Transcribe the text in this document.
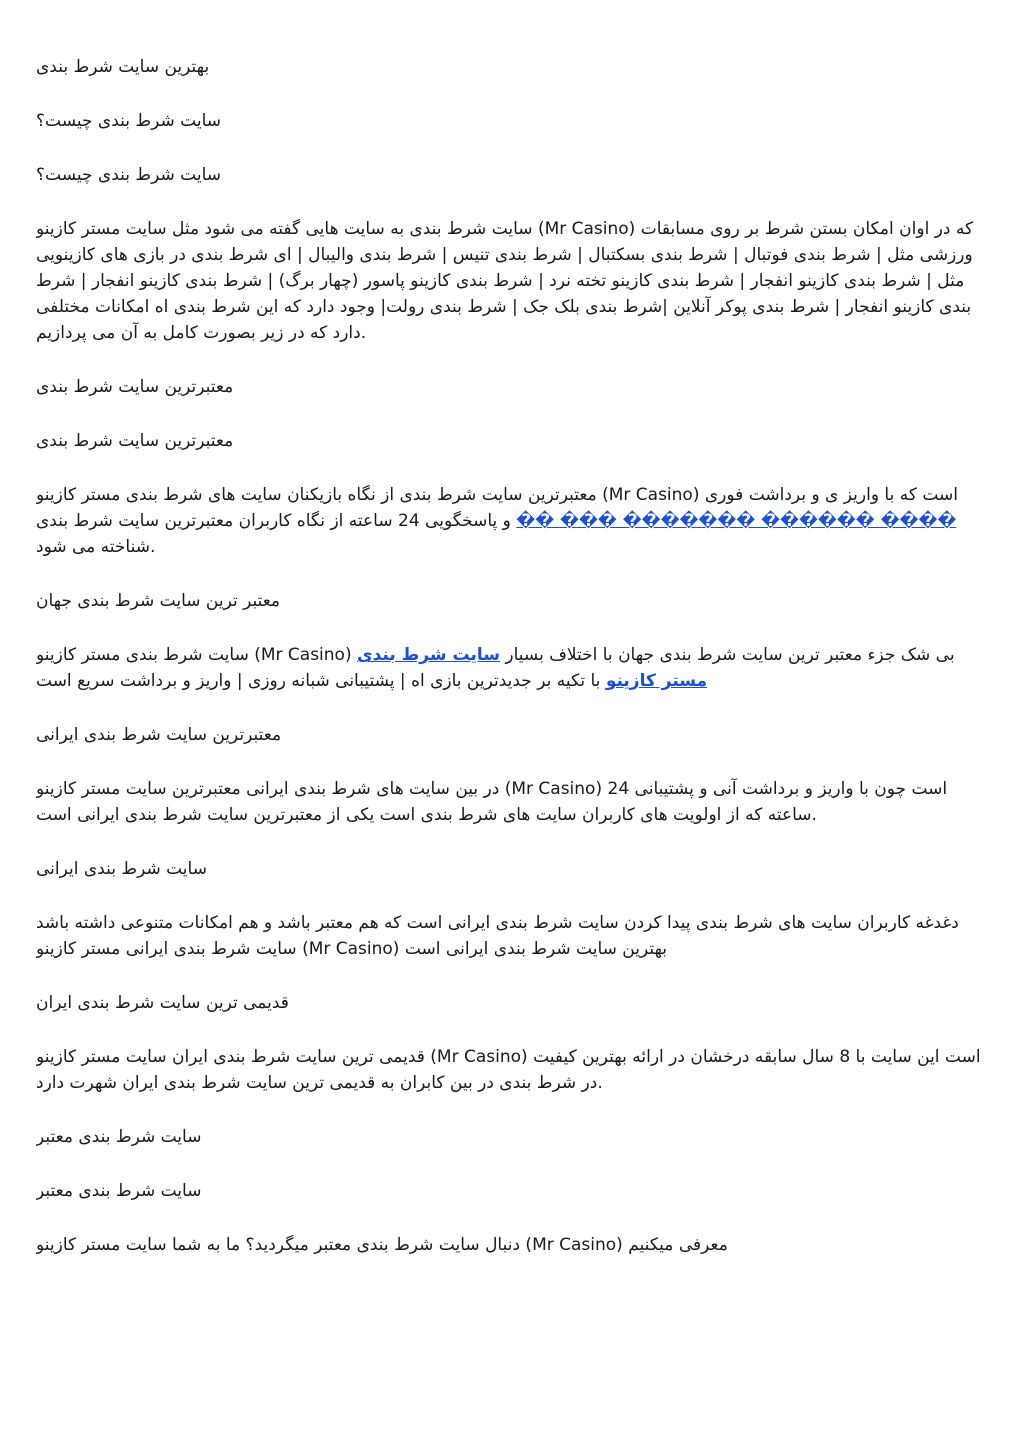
بهترین سایت شرط بندی

سایت شرط بندی چیست؟

سایت شرط بندی چیست؟

سایت شرط بندی به سایت هایی گفته می شود مثل سایت مستر کازینو (Mr Casino) که در اوان امکان بستن شرط بر روی مسابقات ورزشی مثل | شرط بندی فوتبال | شرط بندی بسکتبال | شرط بندی تنیس | شرط بندی والیبال | ای شرط بندی در بازی های کازینویی مثل | شرط بندی کازینو انفجار | شرط بندی کازینو تخته نرد | شرط بندی کازینو پاسور (چهار برگ) | شرط بندی کازینو انفجار | شرط بندی کازینو انفجار | شرط بندی پوکر آنلاین |شرط بندی بلک جک | شرط بندی رولت| وجود دارد که این شرط بندی اه امکانات مختلفی دارد که در زیر بصورت کامل به آن می پردازیم.

معتبرترین سایت شرط بندی

معتبرترین سایت شرط بندی

معتبرترین سایت شرط بندی از نگاه بازیکنان سایت های شرط بندی مستر کازینو (Mr Casino) است که با واریز ی و برداشت فوری ���� ������ ������� ��� �� و پاسخگویی 24 ساعته از نگاه کاربران معتبرترین سایت شرط بندی شناخته می شود.

معتبر ترین سایت شرط بندی جهان

سایت شرط بندی مستر کازینو (Mr Casino) بی شک جزء معتبر ترین سایت شرط بندی جهان با اختلاف بسیار سایت شرط بندی مستر کازینو با تکیه بر جدیدترین بازی اه | پشتیبانی شبانه روزی | واریز و برداشت سریع است

معتبرترین سایت شرط بندی ایرانی

در بین سایت های شرط بندی ایرانی معتبرترین سایت مستر کازینو (Mr Casino) است چون با واریز و برداشت آنی و پشتیبانی 24 ساعته که از اولویت های کاربران سایت های شرط بندی است یکی از معتبرترین سایت شرط بندی ایرانی است.

سایت شرط بندی ایرانی

دغدغه کاربران سایت های شرط بندی پیدا کردن سایت شرط بندی ایرانی است که هم معتبر باشد و هم امکانات متنوعی داشته باشد سایت شرط بندی ایرانی مستر کازینو (Mr Casino) بهترین سایت شرط بندی ایرانی است

قدیمی ترین سایت شرط بندی ایران

قدیمی ترین سایت شرط بندی ایران سایت مستر کازینو (Mr Casino) است این سایت با 8 سال سابقه درخشان در ارائه بهترین کیفیت در شرط بندی در بین کابران به قدیمی ترین سایت شرط بندی ایران شهرت دارد.

سایت شرط بندی معتبر

سایت شرط بندی معتبر

دنبال سایت شرط بندی معتبر میگردید؟ ما به شما سایت مستر کازینو (Mr Casino) معرفی میکنیم
